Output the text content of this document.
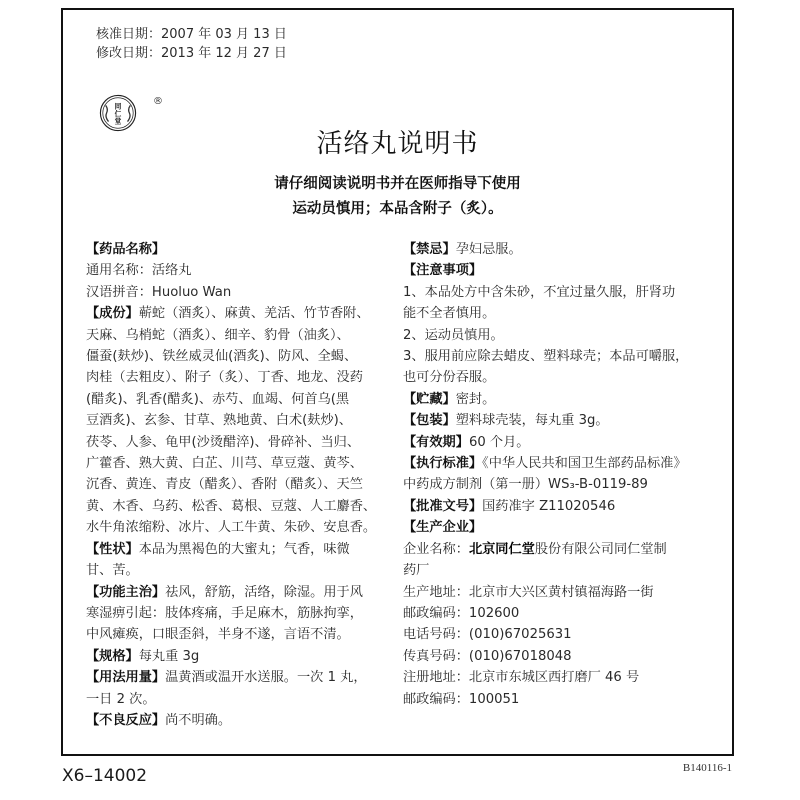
核准日期：2007 年 03 月 13 日
修改日期：2013 年 12 月 27 日
同
仁
堂
®
活络丸说明书
请仔细阅读说明书并在医师指导下使用
运动员慎用；本品含附子（炙）。
【药品名称】
通用名称：活络丸
汉语拼音：Huoluo Wan
【成份】蕲蛇（酒炙）、麻黄、羌活、竹节香附、
天麻、乌梢蛇（酒炙）、细辛、豹骨（油炙）、
僵蚕(麸炒)、铁丝威灵仙(酒炙)、防风、全蝎、
肉桂（去粗皮）、附子（炙）、丁香、地龙、没药
(醋炙)、乳香(醋炙)、赤芍、血竭、何首乌(黑
豆酒炙)、玄参、甘草、熟地黄、白术(麸炒)、
茯苓、人参、龟甲(沙烫醋淬)、骨碎补、当归、
广藿香、熟大黄、白芷、川芎、草豆蔻、黄芩、
沉香、黄连、青皮（醋炙）、香附（醋炙）、天竺
黄、木香、乌药、松香、葛根、豆蔻、人工麝香、
水牛角浓缩粉、冰片、人工牛黄、朱砂、安息香。
【性状】本品为黑褐色的大蜜丸；气香，味微
甘、苦。
【功能主治】祛风，舒筋，活络，除湿。用于风
寒湿痹引起：肢体疼痛，手足麻木，筋脉拘挛，
中风瘫痪，口眼歪斜，半身不遂，言语不清。
【规格】每丸重 3g
【用法用量】温黄酒或温开水送服。一次 1 丸，
一日 2 次。
【不良反应】尚不明确。
【禁忌】孕妇忌服。
【注意事项】
1、本品处方中含朱砂，不宜过量久服，肝肾功
能不全者慎用。
2、运动员慎用。
3、服用前应除去蜡皮、塑料球壳；本品可嚼服，
也可分份吞服。
【贮藏】密封。
【包装】塑料球壳装，每丸重 3g。
【有效期】60 个月。
【执行标准】《中华人民共和国卫生部药品标准》
中药成方制剂（第一册）WS₃-B-0119-89
【批准文号】国药准字 Z11020546
【生产企业】
企业名称：北京同仁堂股份有限公司同仁堂制
药厂
生产地址：北京市大兴区黄村镇福海路一街
邮政编码：102600
电话号码：(010)67025631
传真号码：(010)67018048
注册地址：北京市东城区西打磨厂 46 号
邮政编码：100051
X6–14002	B140116-1
